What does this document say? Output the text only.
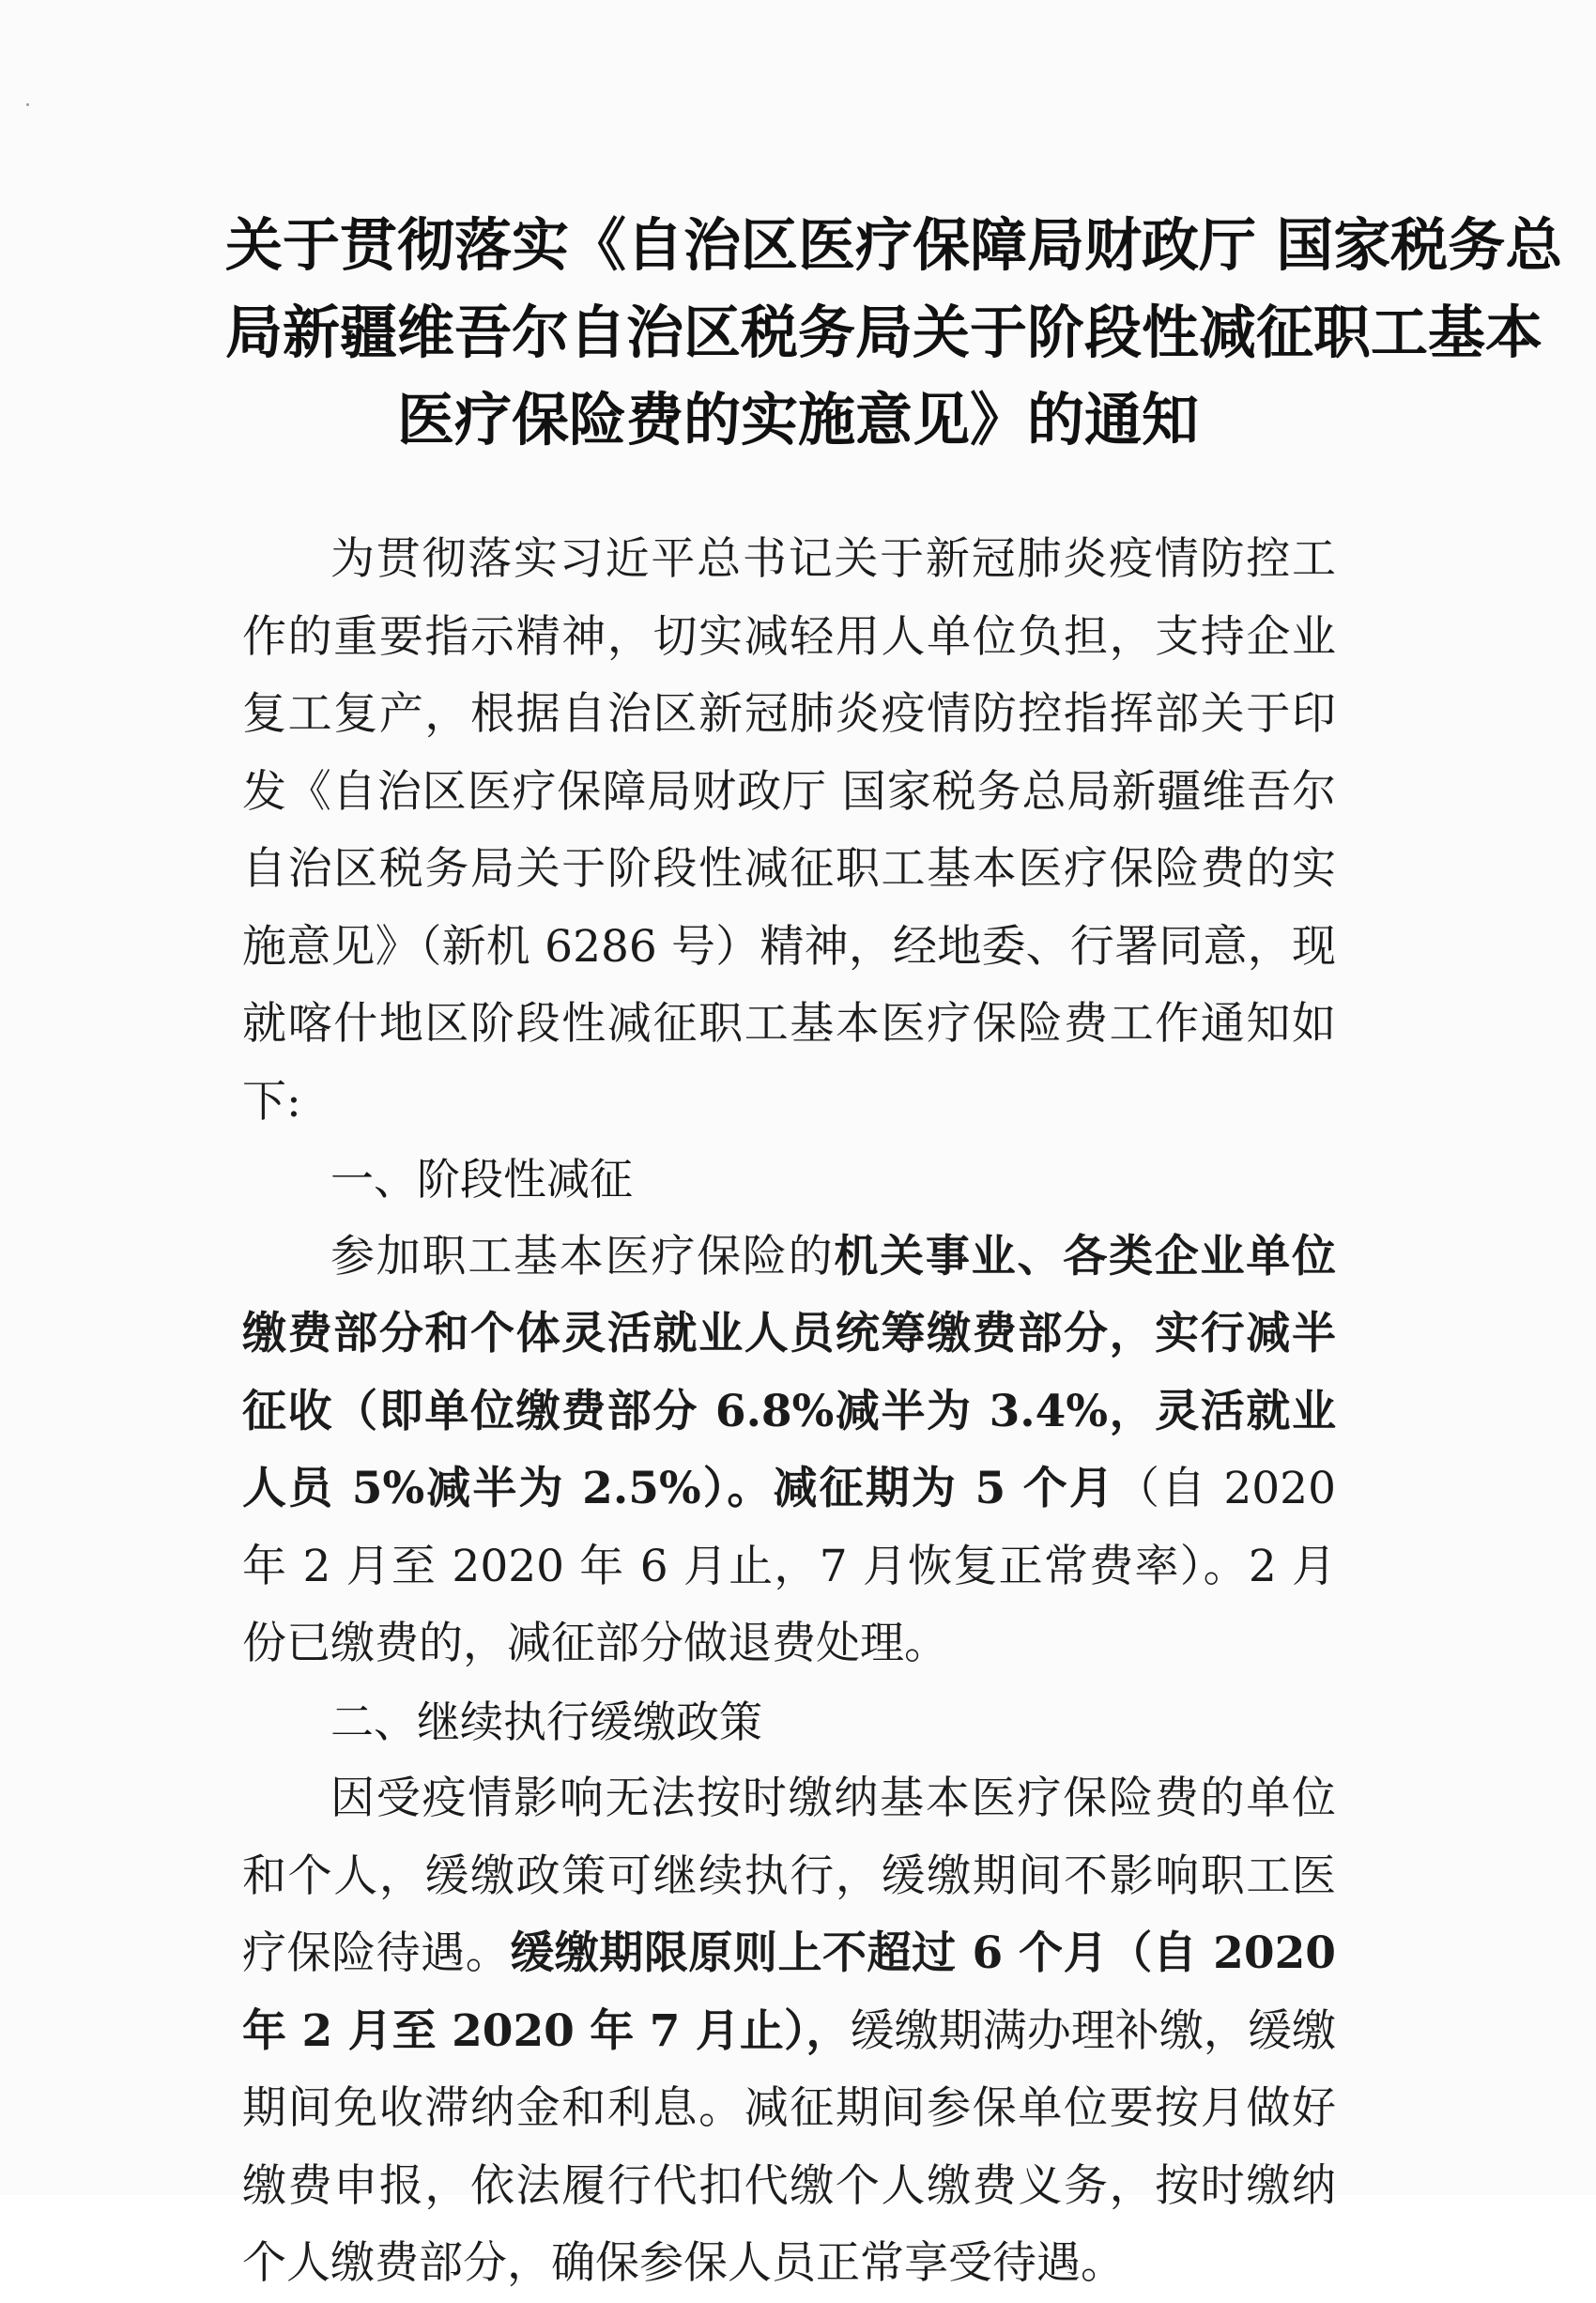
关于贯彻落实《自治区医疗保障局财政厅 国家税务总
局新疆维吾尔自治区税务局关于阶段性减征职工基本
医疗保险费的实施意见》的通知

为贯彻落实习近平总书记关于新冠肺炎疫情防控工作的重要指示精神，切实减轻用人单位负担，支持企业复工复产，根据自治区新冠肺炎疫情防控指挥部关于印发《自治区医疗保障局财政厅 国家税务总局新疆维吾尔自治区税务局关于阶段性减征职工基本医疗保险费的实施意见》（新机 6286 号）精神，经地委、行署同意，现就喀什地区阶段性减征职工基本医疗保险费工作通知如下:

一、阶段性减征

参加职工基本医疗保险的机关事业、各类企业单位缴费部分和个体灵活就业人员统筹缴费部分，实行减半征收（即单位缴费部分 6.8%减半为 3.4%，灵活就业人员 5%减半为 2.5%）。减征期为 5 个月（自 2020 年 2 月至 2020 年 6 月止，7 月恢复正常费率）。2 月份已缴费的，减征部分做退费处理。

二、继续执行缓缴政策

因受疫情影响无法按时缴纳基本医疗保险费的单位和个人，缓缴政策可继续执行，缓缴期间不影响职工医疗保险待遇。缓缴期限原则上不超过 6 个月（自 2020 年 2 月至 2020 年 7 月止），缓缴期满办理补缴，缓缴期间免收滞纳金和利息。减征期间参保单位要按月做好缴费申报，依法履行代扣代缴个人缴费义务，按时缴纳个人缴费部分，确保参保人员正常享受待遇。
